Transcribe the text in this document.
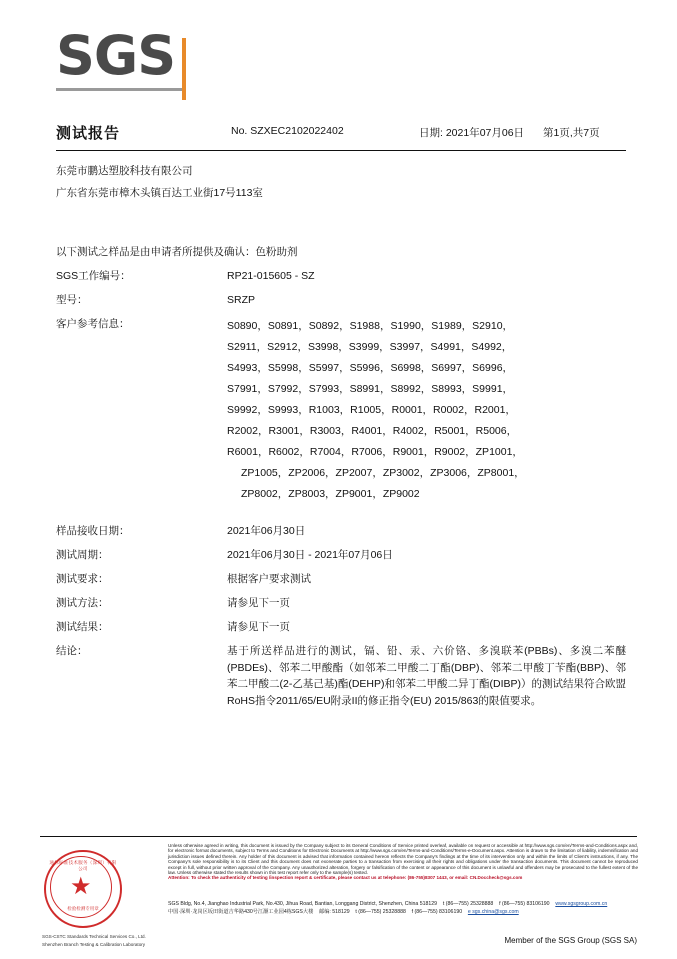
SGS
测试报告	No. SZXEC2102022402	日期: 2021年07月06日 第1页,共7页
东莞市鹏达塑胶科技有限公司
广东省东莞市樟木头镇百达工业街17号113室
以下测试之样品是由申请者所提供及确认：色粉助剂
SGS工作编号：	RP21-015605 - SZ
型号：	SRZP
客户参考信息：	S0890，S0891，S0892，S1988，S1990，S1989，S2910，
S2911，S2912，S3998，S3999，S3997，S4991，S4992，
S4993，S5998，S5997，S5996，S6998，S6997，S6996，
S7991，S7992，S7993，S8991，S8992，S8993，S9991，
S9992，S9993，R1003，R1005，R0001，R0002，R2001，
R2002，R3001，R3003，R4001，R4002，R5001，R5006，
R6001，R6002，R7004，R7006，R9001，R9002，ZP1001，
ZP1005，ZP2006，ZP2007，ZP3002，ZP3006，ZP8001，
ZP8002，ZP8003，ZP9001，ZP9002
样品接收日期：	2021年06月30日
测试周期：	2021年06月30日 - 2021年07月06日
测试要求：	根据客户要求测试
测试方法：	请参见下一页
测试结果：	请参见下一页
结论：	基于所送样品进行的测试，镉、铅、汞、六价铬、多溴联苯(PBBs)、多溴二苯醚(PBDEs)、邻苯二甲酸酯（如邻苯二甲酸二丁酯(DBP)、邻苯二甲酸丁苄酯(BBP)、邻苯二甲酸二(2-乙基己基)酯(DEHP)和邻苯二甲酸二异丁酯(DIBP)）的测试结果符合欧盟RoHS指令2011/65/EU附录II的修正指令(EU) 2015/863的限值要求。
通标标准技术服务（深圳）有限公司
★
检验检测专用章
SGS-CSTC Standards Technical Services Co., Ltd.
Shenzhen Branch Testing & Calibration Laboratory
Unless otherwise agreed in writing, this document is issued by the Company subject to its General Conditions of Service printed overleaf, available on request or accessible at http://www.sgs.com/en/Terms-and-Conditions.aspx and, for electronic format documents, subject to Terms and Conditions for Electronic Documents at http://www.sgs.com/en/Terms-and-Conditions/Terms-e-Document.aspx. Attention is drawn to the limitation of liability, indemnification and jurisdiction issues defined therein. Any holder of this document is advised that information contained hereon reflects the Company's findings at the time of its intervention only and within the limits of Client's instructions, if any. The Company's sole responsibility is to its Client and this document does not exonerate parties to a transaction from exercising all their rights and obligations under the transaction documents. This document cannot be reproduced except in full, without prior written approval of the Company. Any unauthorized alteration, forgery or falsification of the content or appearance of this document is unlawful and offenders may be prosecuted to the fullest extent of the law. Unless otherwise stated the results shown in this test report refer only to the sample(s) tested.
Attention: To check the authenticity of testing /inspection report & certificate, please contact us at telephone: (86-755)8307 1443, or email: CN.Doccheck@sgs.com
SGS Bldg, No.4, Jianghao Industrial Park, No.430, Jihua Road, Bantian, Longgang District, Shenzhen, China 518129 t (86—755) 25328888 f (86—755) 83106190 www.sgsgroup.com.cn
中国·深圳·龙岗区坂田街道吉华路430号江灏工业园4栋SGS大楼 邮编: 518129 t (86—755) 25328888 f (86—755) 83106190 e sgs.china@sgs.com
Member of the SGS Group (SGS SA)
